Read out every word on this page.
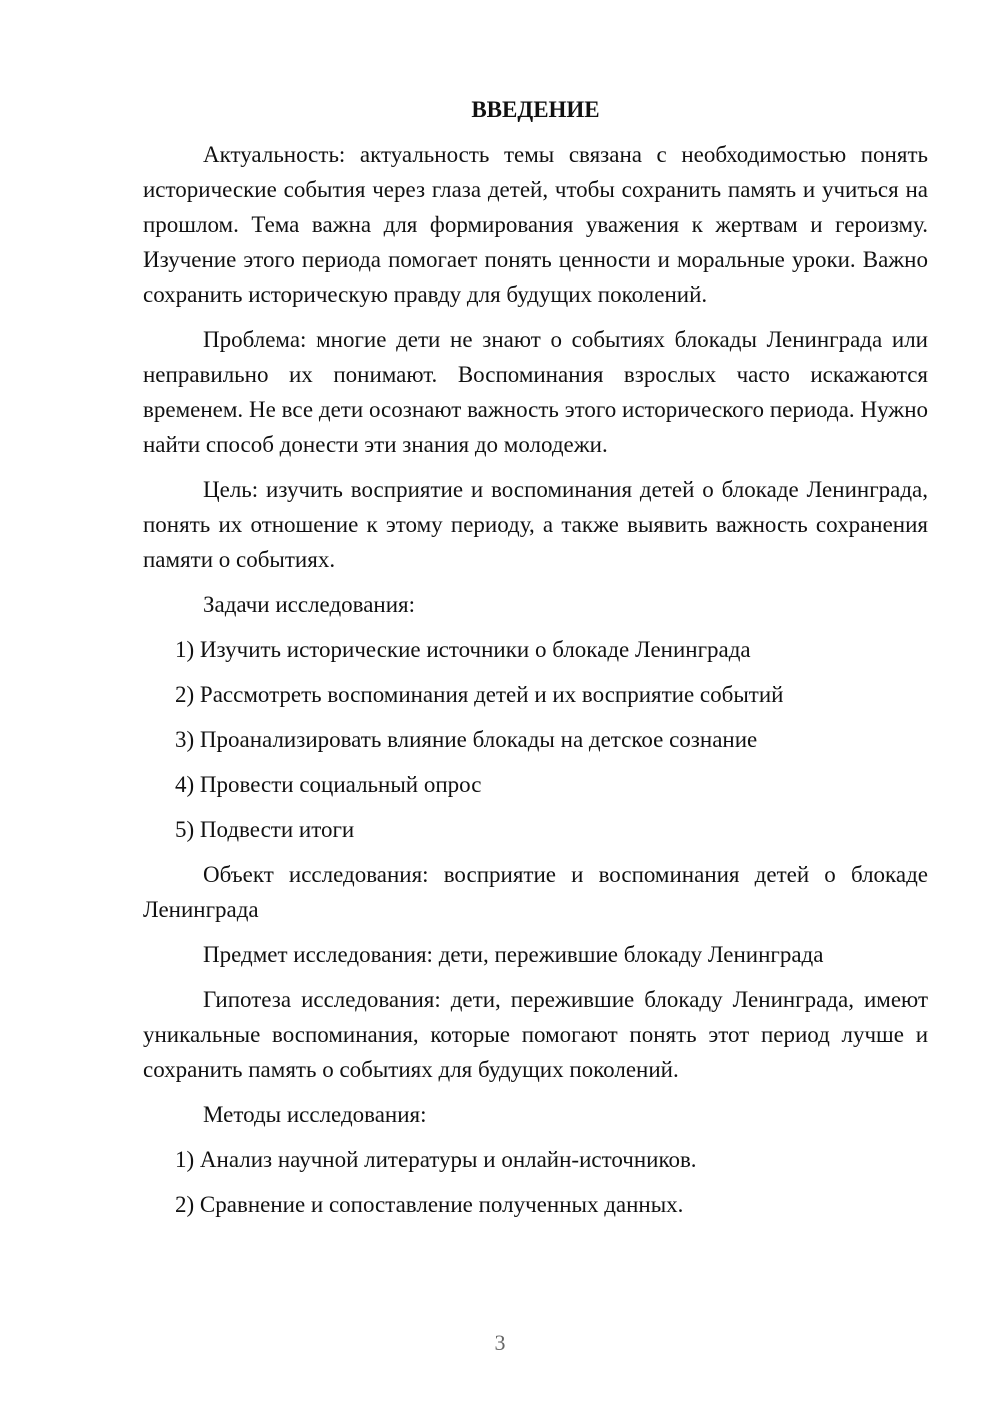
ВВЕДЕНИЕ
Актуальность: актуальность темы связана с необходимостью понять исторические события через глаза детей, чтобы сохранить память и учиться на прошлом. Тема важна для формирования уважения к жертвам и героизму. Изучение этого периода помогает понять ценности и моральные уроки. Важно сохранить историческую правду для будущих поколений.
Проблема: многие дети не знают о событиях блокады Ленинграда или неправильно их понимают. Воспоминания взрослых часто искажаются временем. Не все дети осознают важность этого исторического периода. Нужно найти способ донести эти знания до молодежи.
Цель: изучить восприятие и воспоминания детей о блокаде Ленинграда, понять их отношение к этому периоду, а также выявить важность сохранения памяти о событиях.
Задачи исследования:
1) Изучить исторические источники о блокаде Ленинграда
2) Рассмотреть воспоминания детей и их восприятие событий
3) Проанализировать влияние блокады на детское сознание
4) Провести социальный опрос
5) Подвести итоги
Объект исследования: восприятие и воспоминания детей о блокаде Ленинграда
Предмет исследования: дети, пережившие блокаду Ленинграда
Гипотеза исследования: дети, пережившие блокаду Ленинграда, имеют уникальные воспоминания, которые помогают понять этот период лучше и сохранить память о событиях для будущих поколений.
Методы исследования:
1) Анализ научной литературы и онлайн-источников.
2) Сравнение и сопоставление полученных данных.
3
